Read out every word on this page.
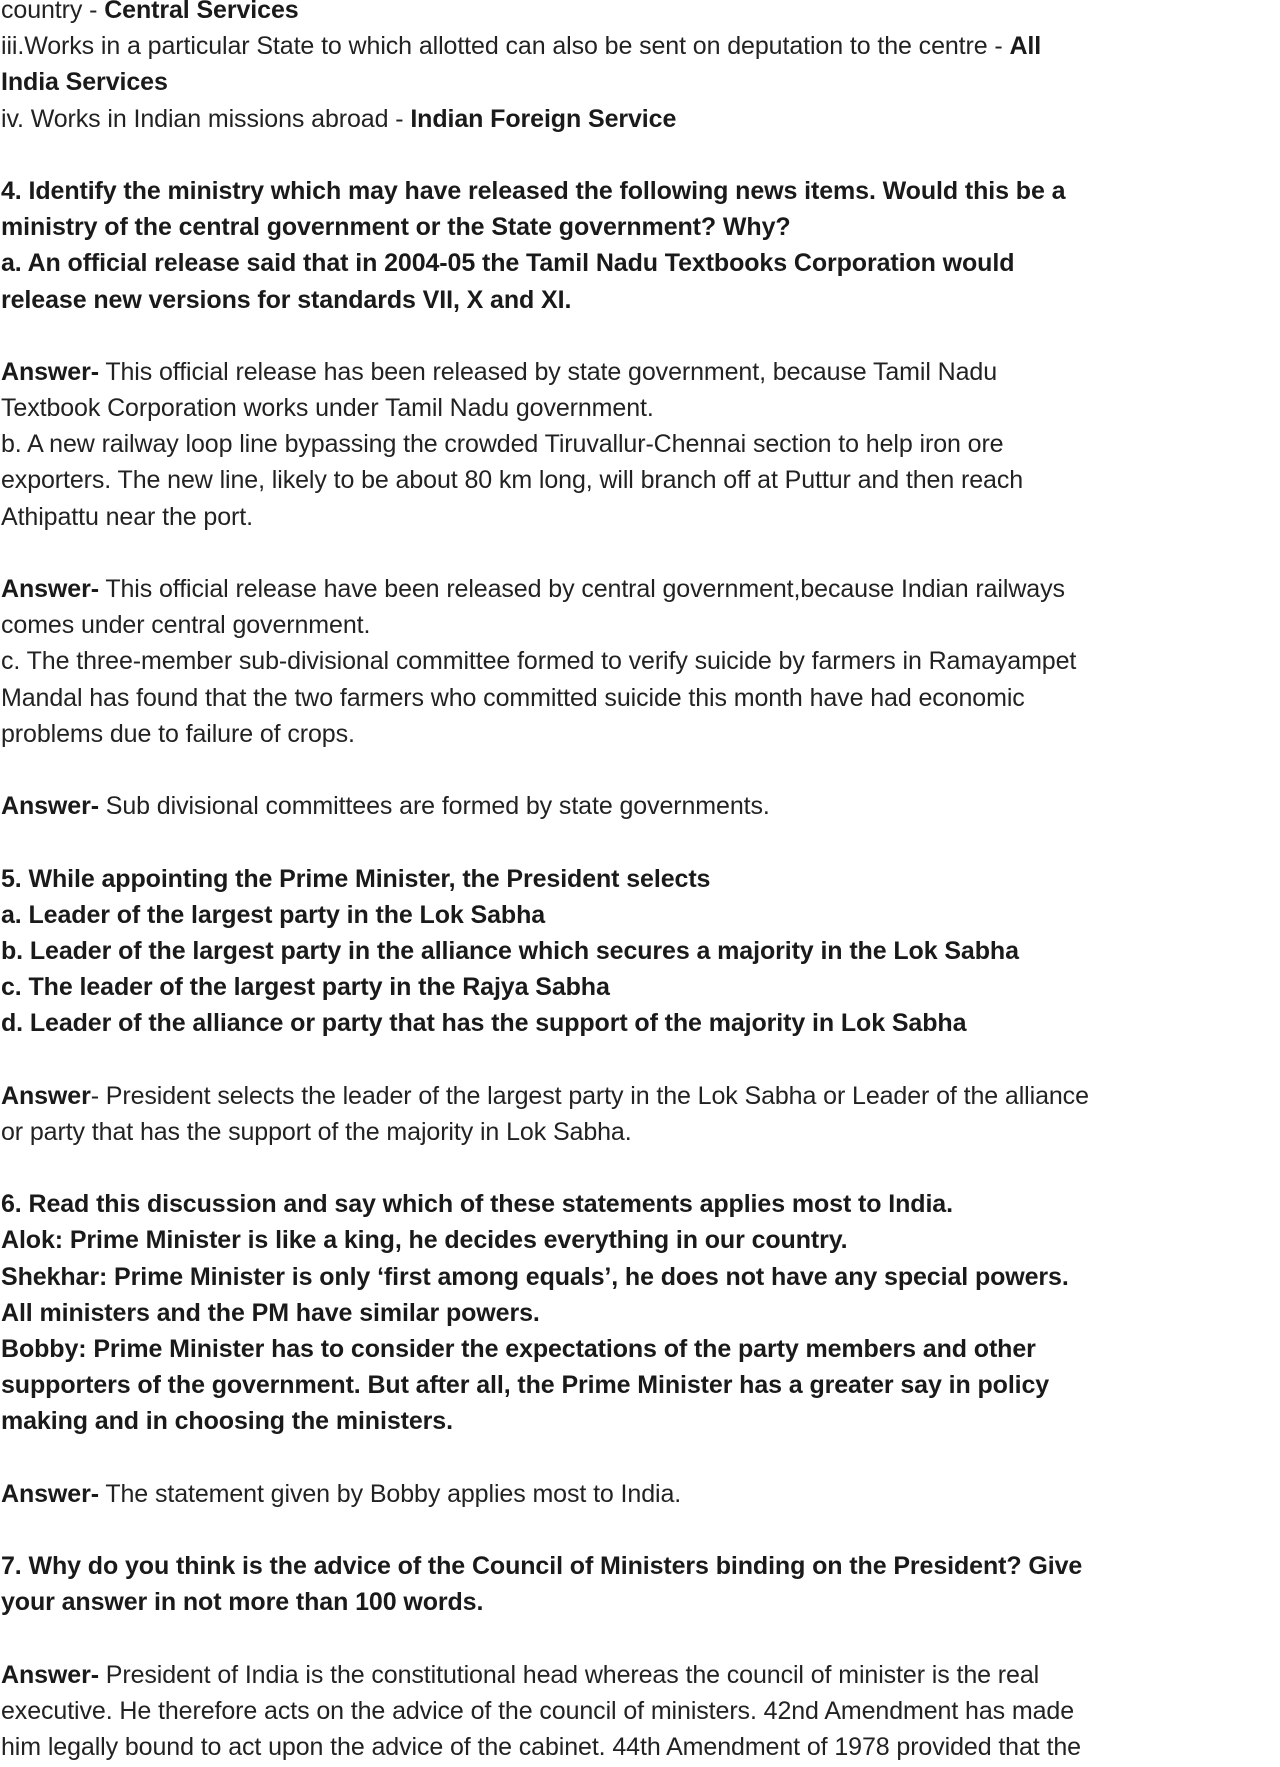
country - Central Services
iii.Works in a particular State to which allotted can also be sent on deputation to the centre - All
India Services
iv. Works in Indian missions abroad - Indian Foreign Service
4. Identify the ministry which may have released the following news items. Would this be a
ministry of the central government or the State government? Why?
a. An official release said that in 2004-05 the Tamil Nadu Textbooks Corporation would
release new versions for standards VII, X and XI.
Answer- This official release has been released by state government, because Tamil Nadu
Textbook Corporation works under Tamil Nadu government.
b. A new railway loop line bypassing the crowded Tiruvallur-Chennai section to help iron ore
exporters. The new line, likely to be about 80 km long, will branch off at Puttur and then reach
Athipattu near the port.
Answer- This official release have been released by central government,because Indian railways
comes under central government.
c. The three-member sub-divisional committee formed to verify suicide by farmers in Ramayampet
Mandal has found that the two farmers who committed suicide this month have had economic
problems due to failure of crops.
Answer- Sub divisional committees are formed by state governments.
5. While appointing the Prime Minister, the President selects
a. Leader of the largest party in the Lok Sabha
b. Leader of the largest party in the alliance which secures a majority in the Lok Sabha
c. The leader of the largest party in the Rajya Sabha
d. Leader of the alliance or party that has the support of the majority in Lok Sabha
Answer- President selects the leader of the largest party in the Lok Sabha or Leader of the alliance
or party that has the support of the majority in Lok Sabha.
6. Read this discussion and say which of these statements applies most to India.
Alok: Prime Minister is like a king, he decides everything in our country.
Shekhar: Prime Minister is only ‘first among equals’, he does not have any special powers.
All ministers and the PM have similar powers.
Bobby: Prime Minister has to consider the expectations of the party members and other
supporters of the government. But after all, the Prime Minister has a greater say in policy
making and in choosing the ministers.
Answer- The statement given by Bobby applies most to India.
7. Why do you think is the advice of the Council of Ministers binding on the President? Give
your answer in not more than 100 words.
Answer- President of India is the constitutional head whereas the council of minister is the real
executive. He therefore acts on the advice of the council of ministers. 42nd Amendment has made
him legally bound to act upon the advice of the cabinet. 44th Amendment of 1978 provided that the
